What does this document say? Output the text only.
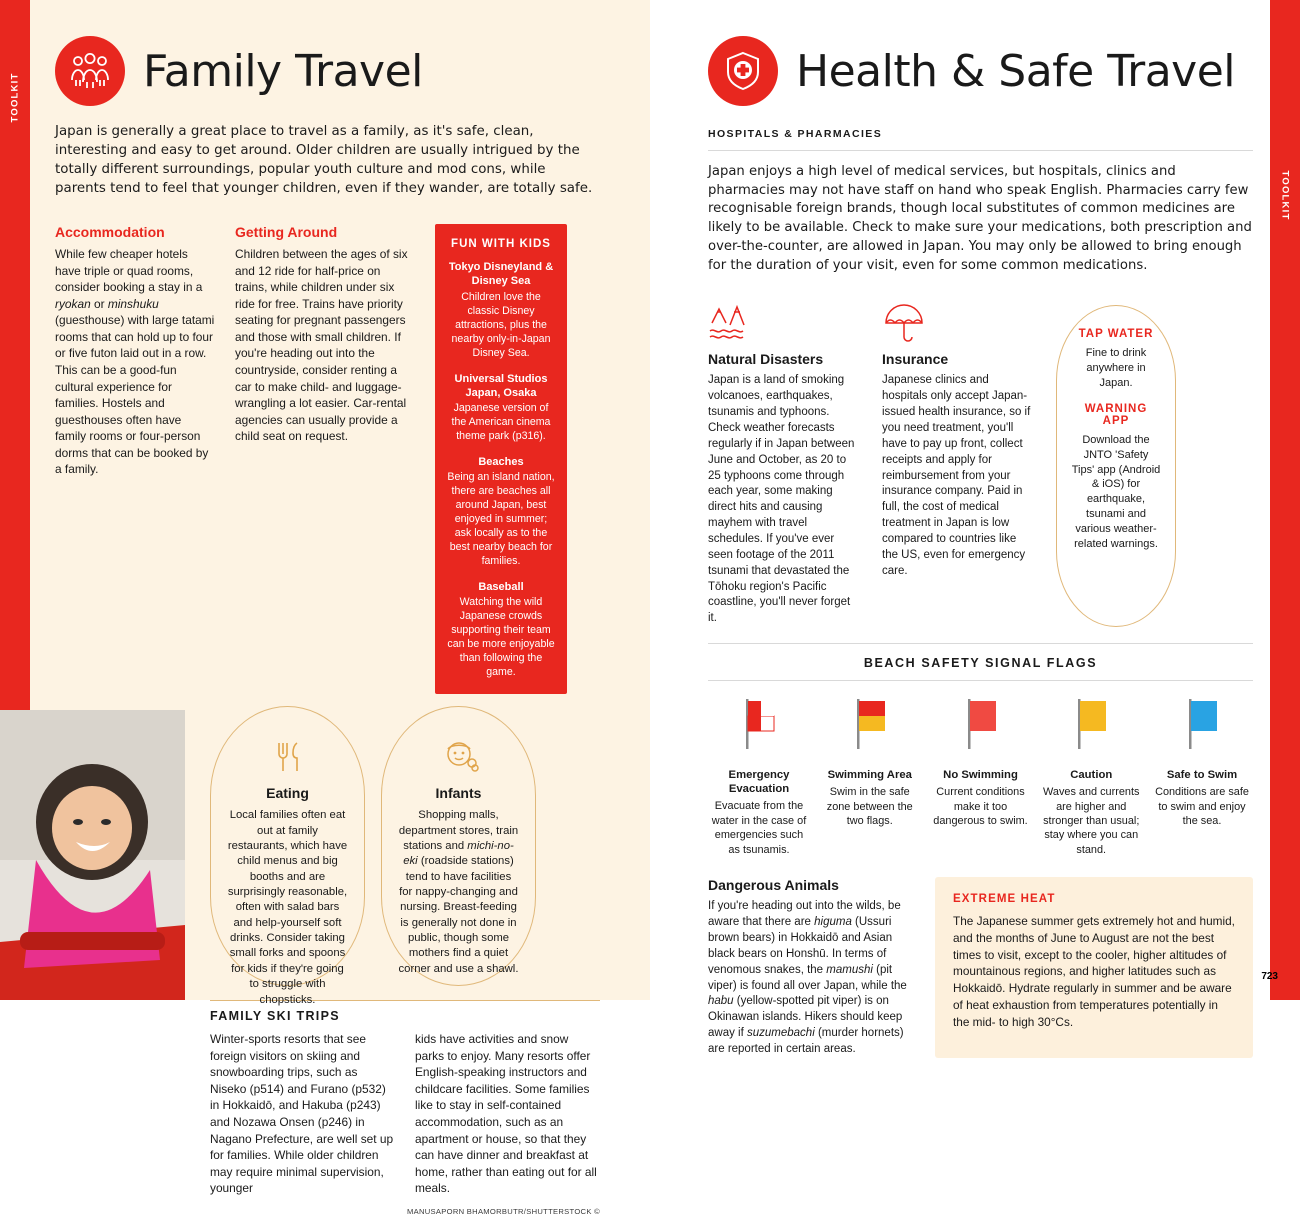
TOOLKIT
Family Travel
Japan is generally a great place to travel as a family, as it's safe, clean, interesting and easy to get around. Older children are usually intrigued by the totally different surroundings, popular youth culture and mod cons, while parents tend to feel that younger children, even if they wander, are totally safe.
Accommodation
While few cheaper hotels have triple or quad rooms, consider booking a stay in a ryokan or minshuku (guesthouse) with large tatami rooms that can hold up to four or five futon laid out in a row. This can be a good-fun cultural experience for families. Hostels and guesthouses often have family rooms or four-person dorms that can be booked by a family.
Getting Around
Children between the ages of six and 12 ride for half-price on trains, while children under six ride for free. Trains have priority seating for pregnant passengers and those with small children. If you're heading out into the countryside, consider renting a car to make child- and luggage-wrangling a lot easier. Car-rental agencies can usually provide a child seat on request.
FUN WITH KIDS
Tokyo Disneyland & Disney Sea
Children love the classic Disney attractions, plus the nearby only-in-Japan Disney Sea.
Universal Studios Japan, Osaka
Japanese version of the American cinema theme park (p316).
Beaches
Being an island nation, there are beaches all around Japan, best enjoyed in summer; ask locally as to the best nearby beach for families.
Baseball
Watching the wild Japanese crowds supporting their team can be more enjoyable than following the game.
Eating

Local families often eat out at family restaurants, which have child menus and big booths and are surprisingly reasonable, often with salad bars and help-yourself soft drinks. Consider taking small forks and spoons for kids if they're going to struggle with chopsticks.

Infants

Shopping malls, department stores, train stations and michi-no-eki (roadside stations) tend to have facilities for nappy-changing and nursing. Breast-feeding is generally not done in public, though some mothers find a quiet corner and use a shawl.

FAMILY SKI TRIPS
Winter-sports resorts that see foreign visitors on skiing and snowboarding trips, such as Niseko (p514) and Furano (p532) in Hokkaidō, and Hakuba (p243) and Nozawa Onsen (p246) in Nagano Prefecture, are well set up for families. While older children may require minimal supervision, younger
kids have activities and snow parks to enjoy. Many resorts offer English-speaking instructors and childcare facilities. Some families like to stay in self-contained accommodation, such as an apartment or house, so that they can have dinner and breakfast at home, rather than eating out for all meals.
MANUSAPORN BHAMORBUTR/SHUTTERSTOCK ©
TOOLKIT
723
Health & Safe Travel
HOSPITALS & PHARMACIES
Japan enjoys a high level of medical services, but hospitals, clinics and pharmacies may not have staff on hand who speak English. Pharmacies carry few recognisable foreign brands, though local substitutes of common medicines are likely to be available. Check to make sure your medications, both prescription and over-the-counter, are allowed in Japan. You may only be allowed to bring enough for the duration of your visit, even for some common medications.
Natural Disasters

Japan is a land of smoking volcanoes, earthquakes, tsunamis and typhoons. Check weather forecasts regularly if in Japan between June and October, as 20 to 25 typhoons come through each year, some making direct hits and causing mayhem with travel schedules. If you've ever seen footage of the 2011 tsunami that devastated the Tōhoku region's Pacific coastline, you'll never forget it.

Insurance

Japanese clinics and hospitals only accept Japan-issued health insurance, so if you need treatment, you'll have to pay up front, collect receipts and apply for reimbursement from your insurance company. Paid in full, the cost of medical treatment in Japan is low compared to countries like the US, even for emergency care.

TAP WATER

Fine to drink anywhere in Japan.

WARNING APP

Download the JNTO 'Safety Tips' app (Android & iOS) for earthquake, tsunami and various weather-related warnings.

BEACH SAFETY SIGNAL FLAGS
Emergency Evacuation
Evacuate from the water in the case of emergencies such as tsunamis.
Swimming Area
Swim in the safe zone between the two flags.
No Swimming
Current conditions make it too dangerous to swim.
Caution
Waves and currents are higher and stronger than usual; stay where you can stand.
Safe to Swim
Conditions are safe to swim and enjoy the sea.
Dangerous Animals

If you're heading out into the wilds, be aware that there are higuma (Ussuri brown bears) in Hokkaidō and Asian black bears on Honshū. In terms of venomous snakes, the mamushi (pit viper) is found all over Japan, while the habu (yellow-spotted pit viper) is on Okinawan islands. Hikers should keep away if suzumebachi (murder hornets) are reported in certain areas.

EXTREME HEAT

The Japanese summer gets extremely hot and humid, and the months of June to August are not the best times to visit, except to the cooler, higher altitudes of mountainous regions, and higher latitudes such as Hokkaidō. Hydrate regularly in summer and be aware of heat exhaustion from temperatures potentially in the mid- to high 30°Cs.
